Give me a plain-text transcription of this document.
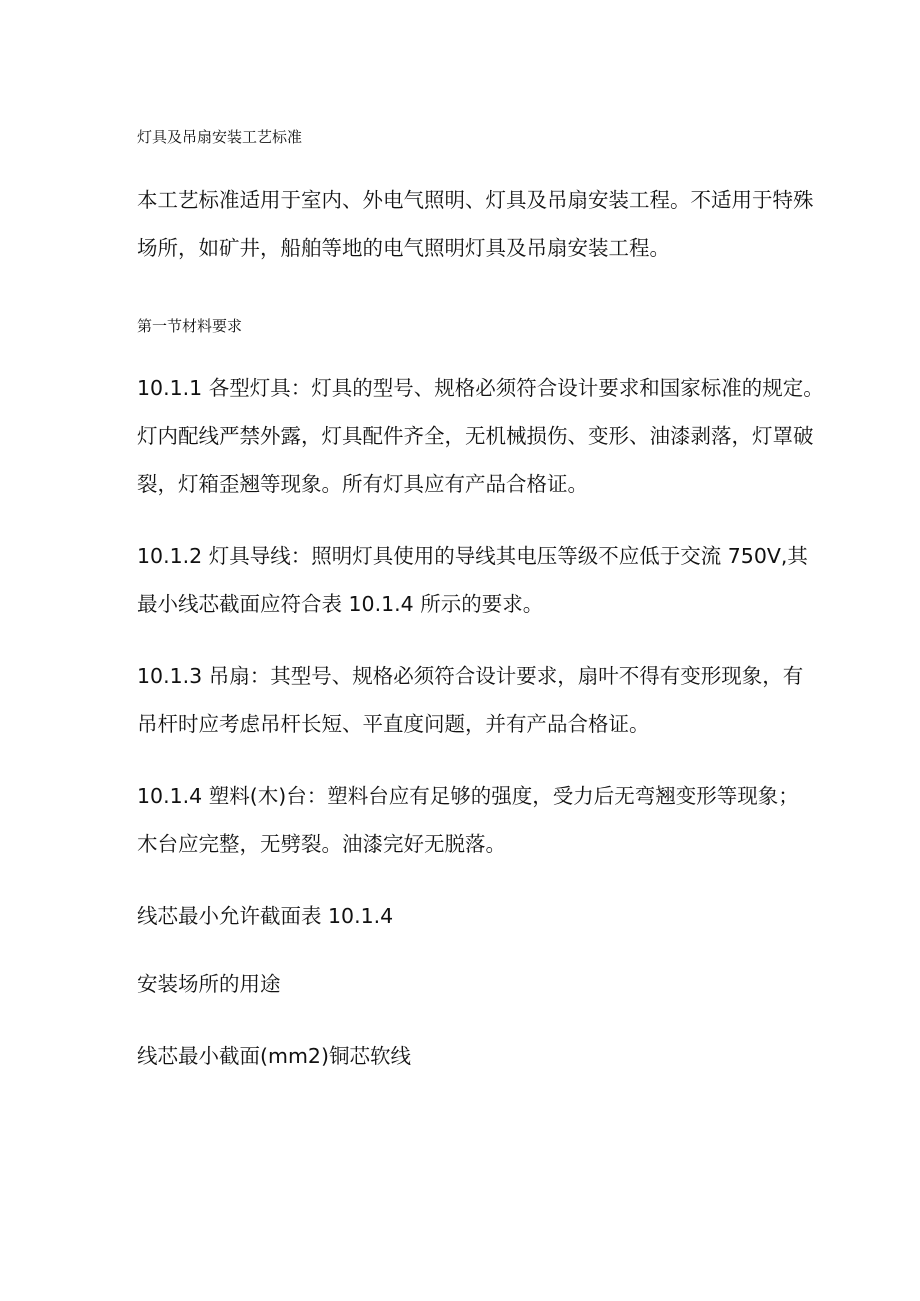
灯具及吊扇安装工艺标准

本工艺标准适用于室内、外电气照明、灯具及吊扇安装工程。不适用于特殊
场所，如矿井，船舶等地的电气照明灯具及吊扇安装工程。

第一节材料要求

10.1.1 各型灯具：灯具的型号、规格必须符合设计要求和国家标准的规定。
灯内配线严禁外露，灯具配件齐全，无机械损伤、变形、油漆剥落，灯罩破
裂，灯箱歪翘等现象。所有灯具应有产品合格证。

10.1.2 灯具导线：照明灯具使用的导线其电压等级不应低于交流 750V,其
最小线芯截面应符合表 10.1.4 所示的要求。

10.1.3 吊扇：其型号、规格必须符合设计要求，扇叶不得有变形现象，有
吊杆时应考虑吊杆长短、平直度问题，并有产品合格证。

10.1.4 塑料(木)台：塑料台应有足够的强度，受力后无弯翘变形等现象；
木台应完整，无劈裂。油漆完好无脱落。

线芯最小允许截面表 10.1.4

安装场所的用途

线芯最小截面(mm2)铜芯软线
